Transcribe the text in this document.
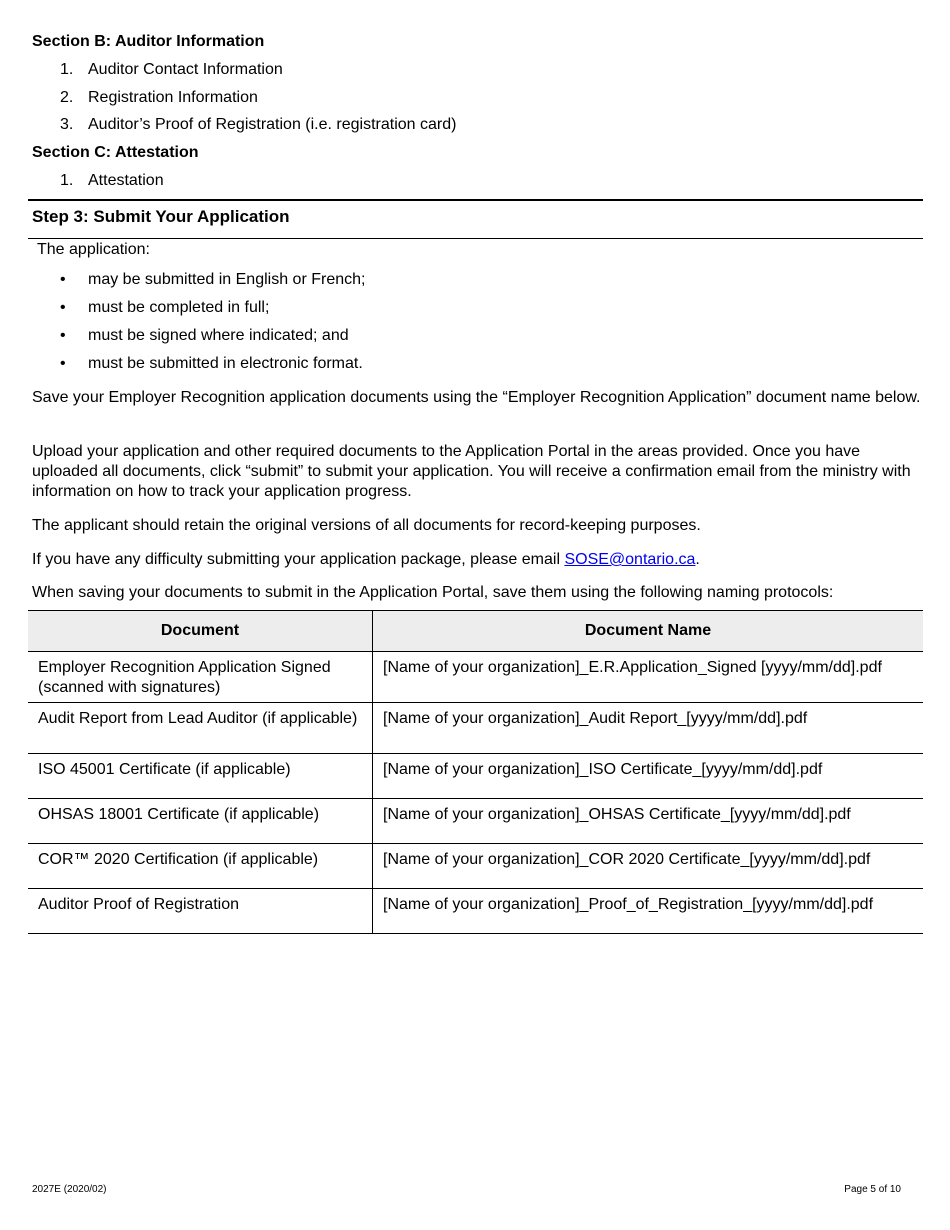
Section B: Auditor Information
1. Auditor Contact Information
2. Registration Information
3. Auditor’s Proof of Registration (i.e. registration card)
Section C: Attestation
1. Attestation
Step 3: Submit Your Application
The application:
• may be submitted in English or French;
• must be completed in full;
• must be signed where indicated; and
• must be submitted in electronic format.
Save your Employer Recognition application documents using the “Employer Recognition Application” document name below.
Upload your application and other required documents to the Application Portal in the areas provided. Once you have uploaded all documents, click “submit” to submit your application. You will receive a confirmation email from the ministry with information on how to track your application progress.
The applicant should retain the original versions of all documents for record-keeping purposes.
If you have any difficulty submitting your application package, please email SOSE@ontario.ca.
When saving your documents to submit in the Application Portal, save them using the following naming protocols:
Document	Document Name
Employer Recognition Application Signed (scanned with signatures)	[Name of your organization]_E.R.Application_Signed [yyyy/mm/dd].pdf
Audit Report from Lead Auditor (if applicable)	[Name of your organization]_Audit Report_[yyyy/mm/dd].pdf
ISO 45001 Certificate (if applicable)	[Name of your organization]_ISO Certificate_[yyyy/mm/dd].pdf
OHSAS 18001 Certificate (if applicable)	[Name of your organization]_OHSAS Certificate_[yyyy/mm/dd].pdf
COR™ 2020 Certification (if applicable)	[Name of your organization]_COR 2020 Certificate_[yyyy/mm/dd].pdf
Auditor Proof of Registration	[Name of your organization]_Proof_of_Registration_[yyyy/mm/dd].pdf
2027E (2020/02)	Page 5 of 10
